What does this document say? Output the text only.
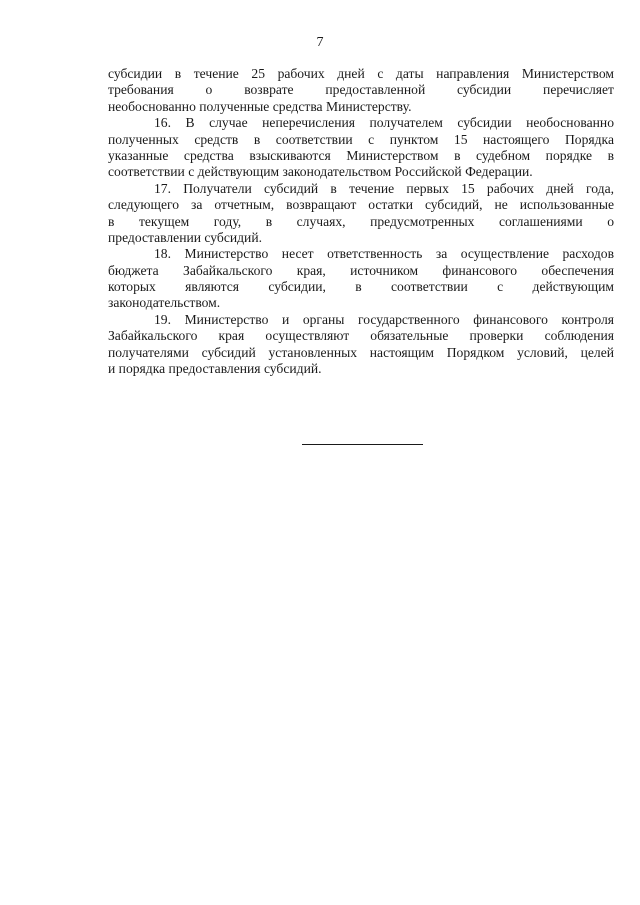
7
субсидии в течение 25 рабочих дней с даты направления Министерством
требования о возврате предоставленной субсидии перечисляет
необоснованно полученные средства Министерству.
16. В случае неперечисления получателем субсидии необоснованно
полученных средств в соответствии с пунктом 15 настоящего Порядка
указанные средства взыскиваются Министерством в судебном порядке в
соответствии с действующим законодательством Российской Федерации.
17. Получатели субсидий в течение первых 15 рабочих дней года,
следующего за отчетным, возвращают остатки субсидий, не использованные
в текущем году, в случаях, предусмотренных соглашениями о
предоставлении субсидий.
18. Министерство несет ответственность за осуществление расходов
бюджета Забайкальского края, источником финансового обеспечения
которых являются субсидии, в соответствии с действующим
законодательством.
19. Министерство и органы государственного финансового контроля
Забайкальского края осуществляют обязательные проверки соблюдения
получателями субсидий установленных настоящим Порядком условий, целей
и порядка предоставления субсидий.
